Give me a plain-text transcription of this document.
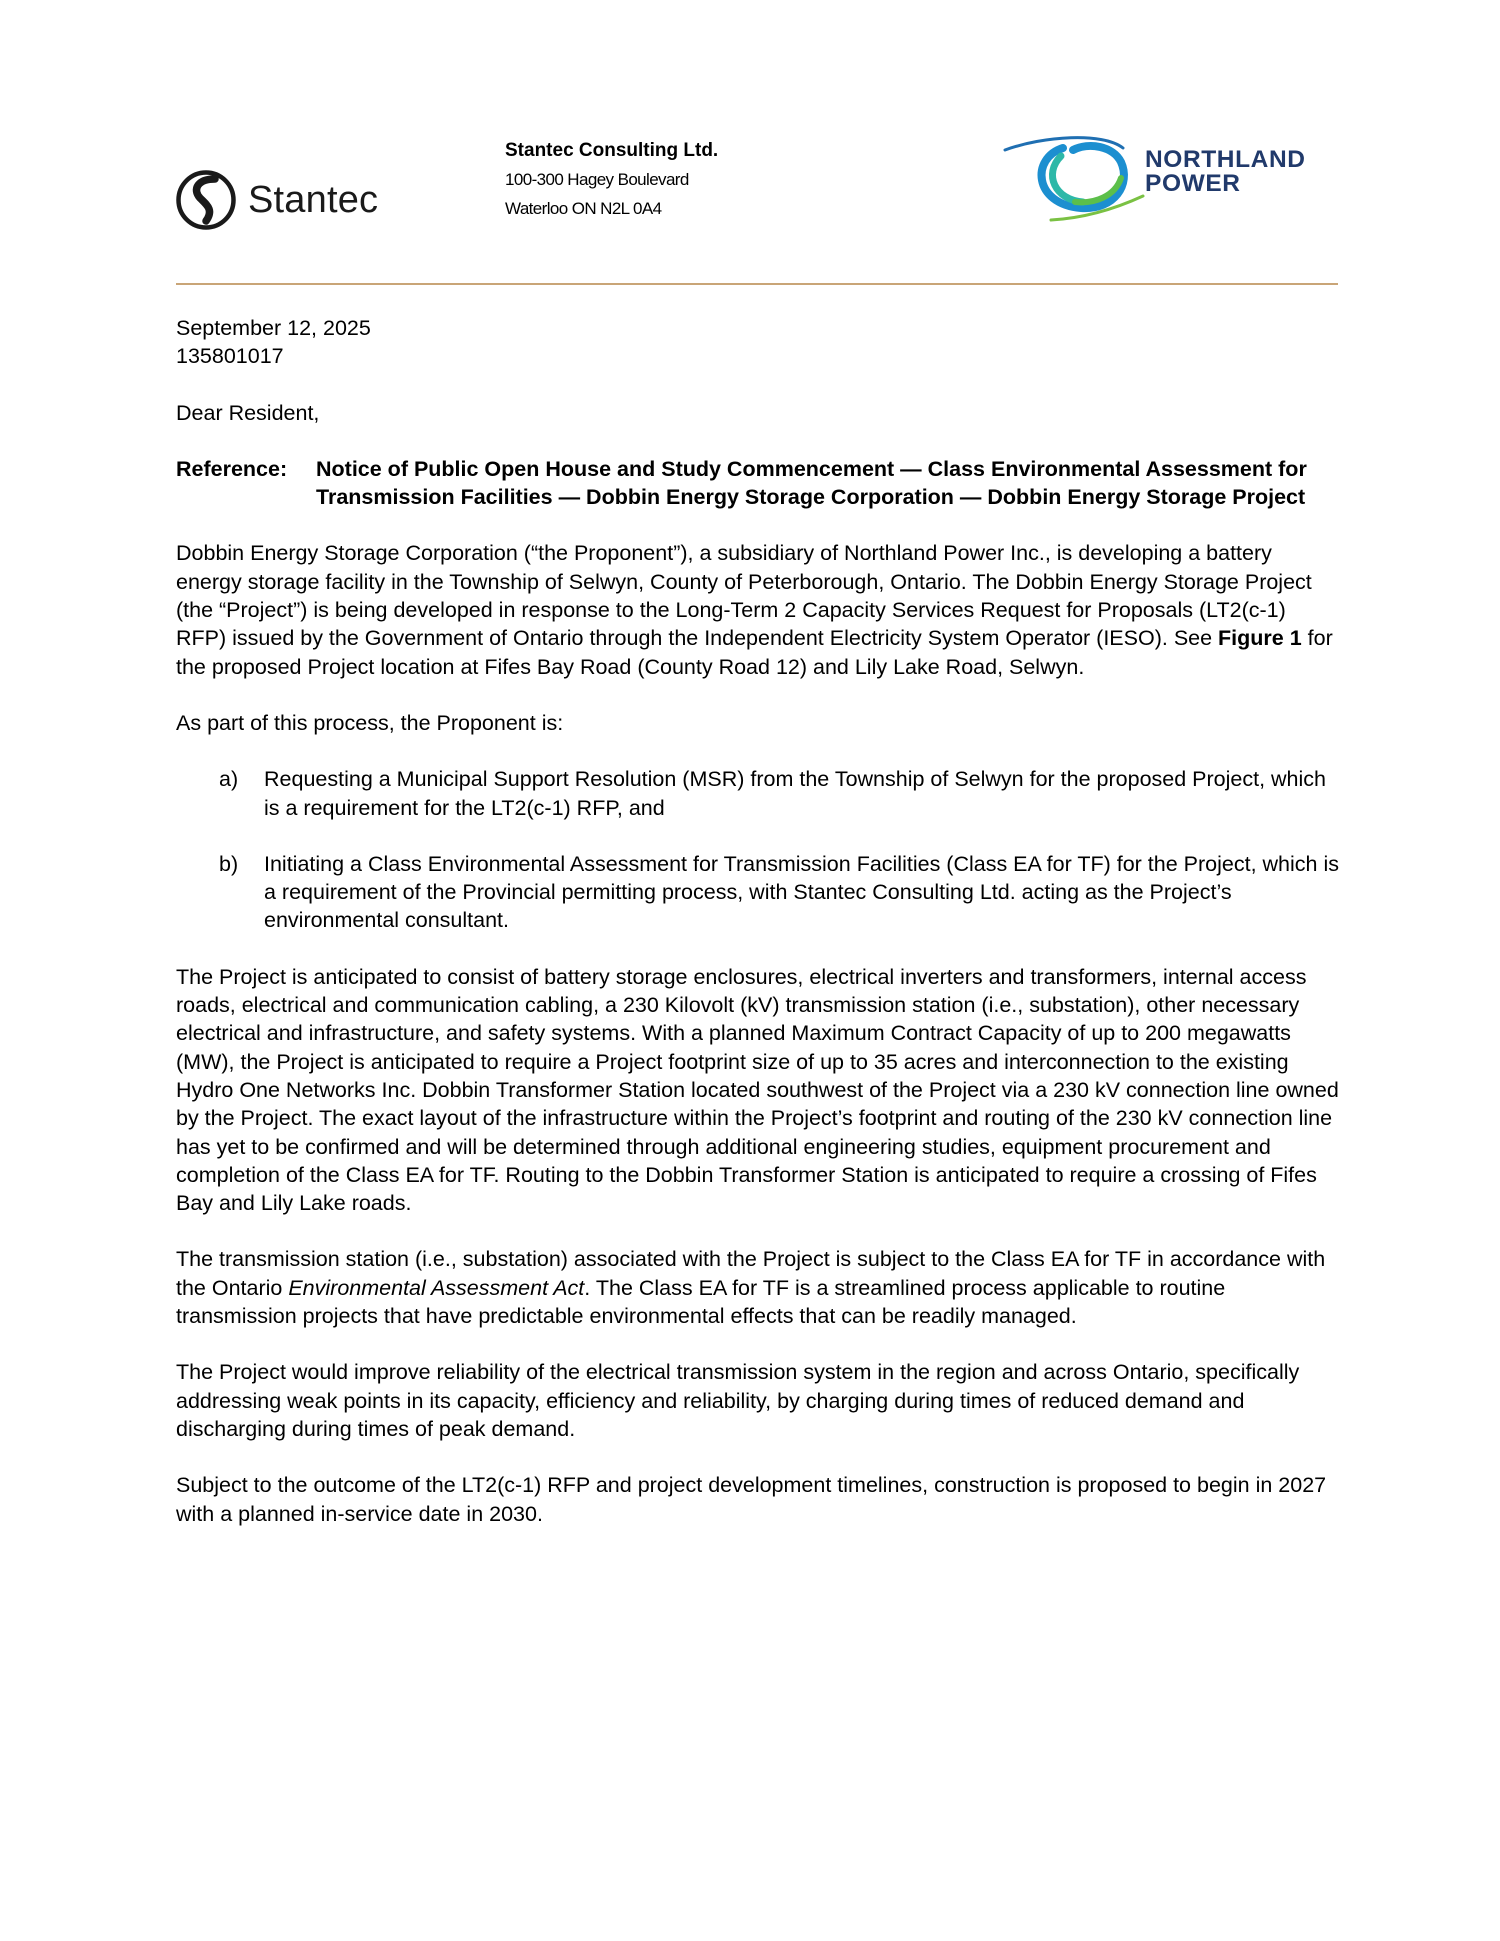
Stantec
Stantec Consulting Ltd.
100-300 Hagey Boulevard
Waterloo ON N2L 0A4
NORTHLAND
POWER

September 12, 2025

135801017

Dear Resident,

Reference:	Notice of Public Open House and Study Commencement — Class Environmental Assessment for Transmission Facilities — Dobbin Energy Storage Corporation — Dobbin Energy Storage Project

Dobbin Energy Storage Corporation (“the Proponent”), a subsidiary of Northland Power Inc., is developing a battery energy storage facility in the Township of Selwyn, County of Peterborough, Ontario. The Dobbin Energy Storage Project (the “Project”) is being developed in response to the Long-Term 2 Capacity Services Request for Proposals (LT2(c-1) RFP) issued by the Government of Ontario through the Independent Electricity System Operator (IESO). See Figure 1 for the proposed Project location at Fifes Bay Road (County Road 12) and Lily Lake Road, Selwyn.

As part of this process, the Proponent is:

a)	Requesting a Municipal Support Resolution (MSR) from the Township of Selwyn for the proposed Project, which is a requirement for the LT2(c-1) RFP, and
b)	Initiating a Class Environmental Assessment for Transmission Facilities (Class EA for TF) for the Project, which is a requirement of the Provincial permitting process, with Stantec Consulting Ltd. acting as the Project’s environmental consultant.

The Project is anticipated to consist of battery storage enclosures, electrical inverters and transformers, internal access roads, electrical and communication cabling, a 230 Kilovolt (kV) transmission station (i.e., substation), other necessary electrical and infrastructure, and safety systems. With a planned Maximum Contract Capacity of up to 200 megawatts (MW), the Project is anticipated to require a Project footprint size of up to 35 acres and interconnection to the existing Hydro One Networks Inc. Dobbin Transformer Station located southwest of the Project via a 230 kV connection line owned by the Project. The exact layout of the infrastructure within the Project’s footprint and routing of the 230 kV connection line has yet to be confirmed and will be determined through additional engineering studies, equipment procurement and completion of the Class EA for TF. Routing to the Dobbin Transformer Station is anticipated to require a crossing of Fifes Bay and Lily Lake roads.

The transmission station (i.e., substation) associated with the Project is subject to the Class EA for TF in accordance with the Ontario Environmental Assessment Act. The Class EA for TF is a streamlined process applicable to routine transmission projects that have predictable environmental effects that can be readily managed.

The Project would improve reliability of the electrical transmission system in the region and across Ontario, specifically addressing weak points in its capacity, efficiency and reliability, by charging during times of reduced demand and discharging during times of peak demand.

Subject to the outcome of the LT2(c-1) RFP and project development timelines, construction is proposed to begin in 2027 with a planned in-service date in 2030.
